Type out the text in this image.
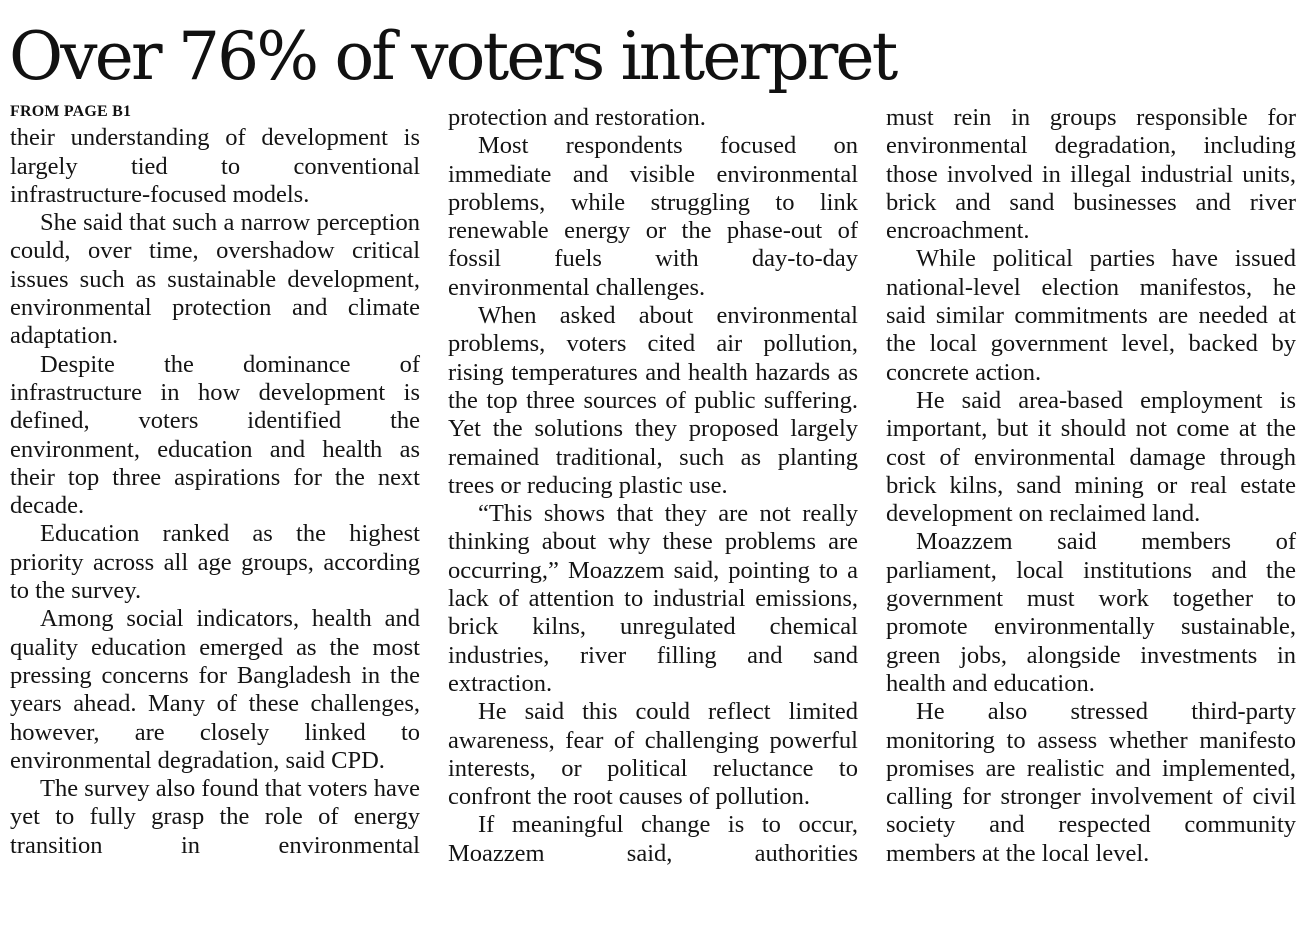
Over 76% of voters interpret
FROM PAGE B1

their understanding of development is largely tied to conventional infrastructure-focused models.

She said that such a narrow perception could, over time, overshadow critical issues such as sustainable development, environmental protection and climate adaptation.

Despite the dominance of infrastructure in how development is defined, voters identified the environment, education and health as their top three aspirations for the next decade.

Education ranked as the highest priority across all age groups, according to the survey.

Among social indicators, health and quality education emerged as the most pressing concerns for Bangladesh in the years ahead. Many of these challenges, however, are closely linked to environmental degradation, said CPD.

The survey also found that voters have yet to fully grasp the role of energy transition in environmental

protection and restoration.

Most respondents focused on immediate and visible environmental problems, while struggling to link renewable energy or the phase-out of fossil fuels with day-to-day environmental challenges.

When asked about environmental problems, voters cited air pollution, rising temperatures and health hazards as the top three sources of public suffering. Yet the solutions they proposed largely remained traditional, such as planting trees or reducing plastic use.

“This shows that they are not really thinking about why these problems are occurring,” Moazzem said, pointing to a lack of attention to industrial emissions, brick kilns, unregulated chemical industries, river filling and sand extraction.

He said this could reflect limited awareness, fear of challenging powerful interests, or political reluctance to confront the root causes of pollution.

If meaningful change is to occur, Moazzem said, authorities

must rein in groups responsible for environmental degradation, including those involved in illegal industrial units, brick and sand businesses and river encroachment.

While political parties have issued national-level election manifestos, he said similar commitments are needed at the local government level, backed by concrete action.

He said area-based employment is important, but it should not come at the cost of environmental damage through brick kilns, sand mining or real estate development on reclaimed land.

Moazzem said members of parliament, local institutions and the government must work together to promote environmentally sustainable, green jobs, alongside investments in health and education.

He also stressed third-party monitoring to assess whether manifesto promises are realistic and implemented, calling for stronger involvement of civil society and respected community members at the local level.
